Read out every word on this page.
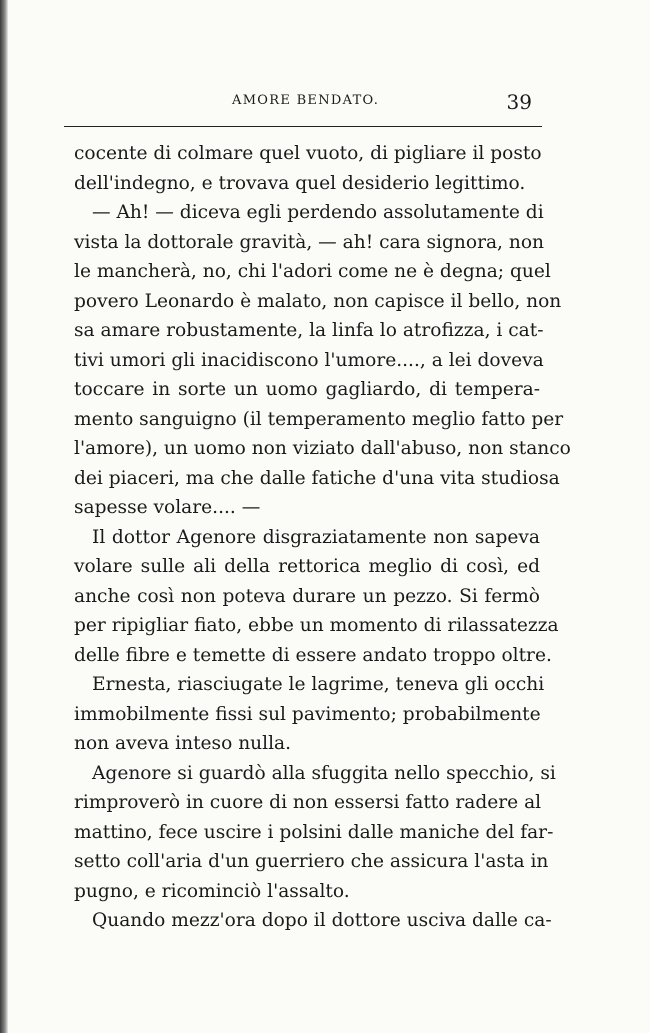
AMORE BENDATO.	39
cocente di colmare quel vuoto, di pigliare il posto
dell'indegno, e trovava quel desiderio legittimo.
— Ah! — diceva egli perdendo assolutamente di
vista la dottorale gravità, — ah! cara signora, non
le mancherà, no, chi l'adori come ne è degna; quel
povero Leonardo è malato, non capisce il bello, non
sa amare robustamente, la linfa lo atrofizza, i cat-
tivi umori gli inacidiscono l'umore...., a lei doveva
toccare in sorte un uomo gagliardo, di tempera-
mento sanguigno (il temperamento meglio fatto per
l'amore), un uomo non viziato dall'abuso, non stanco
dei piaceri, ma che dalle fatiche d'una vita studiosa
sapesse volare.... —
Il dottor Agenore disgraziatamente non sapeva
volare sulle ali della rettorica meglio di così, ed
anche così non poteva durare un pezzo. Si fermò
per ripigliar fiato, ebbe un momento di rilassatezza
delle fibre e temette di essere andato troppo oltre.
Ernesta, riasciugate le lagrime, teneva gli occhi
immobilmente fissi sul pavimento; probabilmente
non aveva inteso nulla.
Agenore si guardò alla sfuggita nello specchio, si
rimproverò in cuore di non essersi fatto radere al
mattino, fece uscire i polsini dalle maniche del far-
setto coll'aria d'un guerriero che assicura l'asta in
pugno, e ricominciò l'assalto.
Quando mezz'ora dopo il dottore usciva dalle ca-
